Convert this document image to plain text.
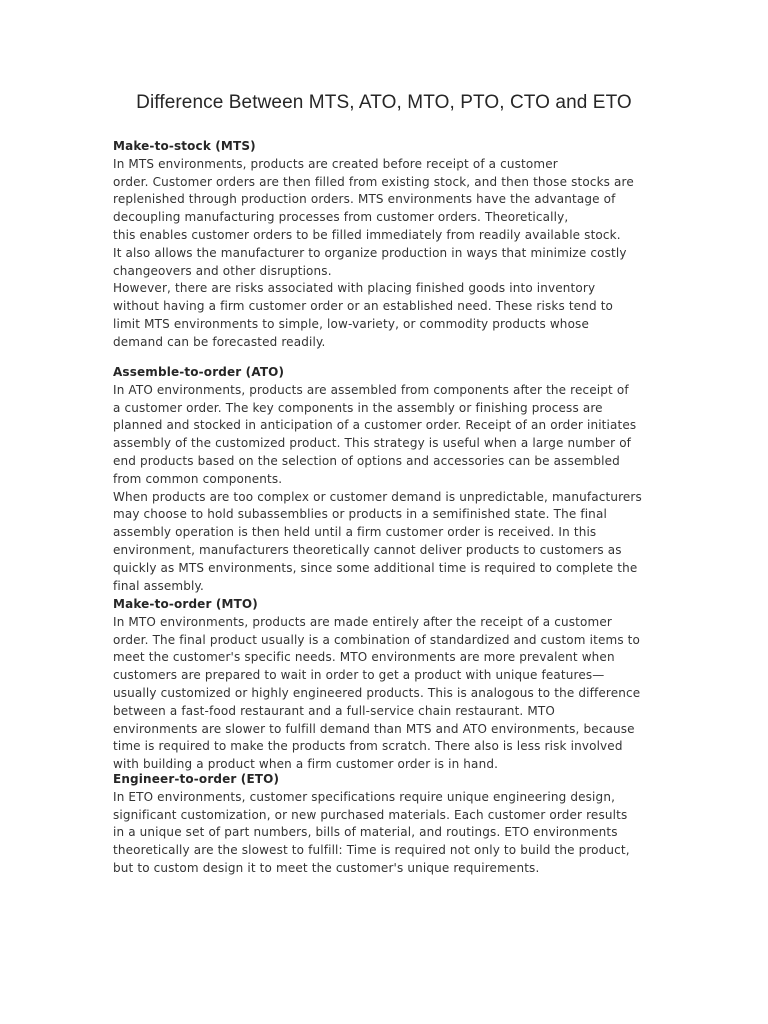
Difference Between MTS, ATO, MTO, PTO, CTO and ETO

Make-to-stock (MTS)

In MTS environments, products are created before receipt of a customer

order. Customer orders are then filled from existing stock, and then those stocks are

replenished through production orders. MTS environments have the advantage of

decoupling manufacturing processes from customer orders. Theoretically,

this enables customer orders to be filled immediately from readily available stock.

It also allows the manufacturer to organize production in ways that minimize costly

changeovers and other disruptions.

However, there are risks associated with placing finished goods into inventory

without having a firm customer order or an established need. These risks tend to

limit MTS environments to simple, low-variety, or commodity products whose

demand can be forecasted readily.

Assemble-to-order (ATO)

In ATO environments, products are assembled from components after the receipt of

a customer order. The key components in the assembly or finishing process are

planned and stocked in anticipation of a customer order. Receipt of an order initiates

assembly of the customized product. This strategy is useful when a large number of

end products based on the selection of options and accessories can be assembled

from common components.

When products are too complex or customer demand is unpredictable, manufacturers

may choose to hold subassemblies or products in a semifinished state. The final

assembly operation is then held until a firm customer order is received. In this

environment, manufacturers theoretically cannot deliver products to customers as

quickly as MTS environments, since some additional time is required to complete the

final assembly.

Make-to-order (MTO)

In MTO environments, products are made entirely after the receipt of a customer

order. The final product usually is a combination of standardized and custom items to

meet the customer's specific needs. MTO environments are more prevalent when

customers are prepared to wait in order to get a product with unique features—

usually customized or highly engineered products. This is analogous to the difference

between a fast-food restaurant and a full-service chain restaurant. MTO

environments are slower to fulfill demand than MTS and ATO environments, because

time is required to make the products from scratch. There also is less risk involved

with building a product when a firm customer order is in hand.

Engineer-to-order (ETO)

In ETO environments, customer specifications require unique engineering design,

significant customization, or new purchased materials. Each customer order results

in a unique set of part numbers, bills of material, and routings. ETO environments

theoretically are the slowest to fulfill: Time is required not only to build the product,

but to custom design it to meet the customer's unique requirements.
